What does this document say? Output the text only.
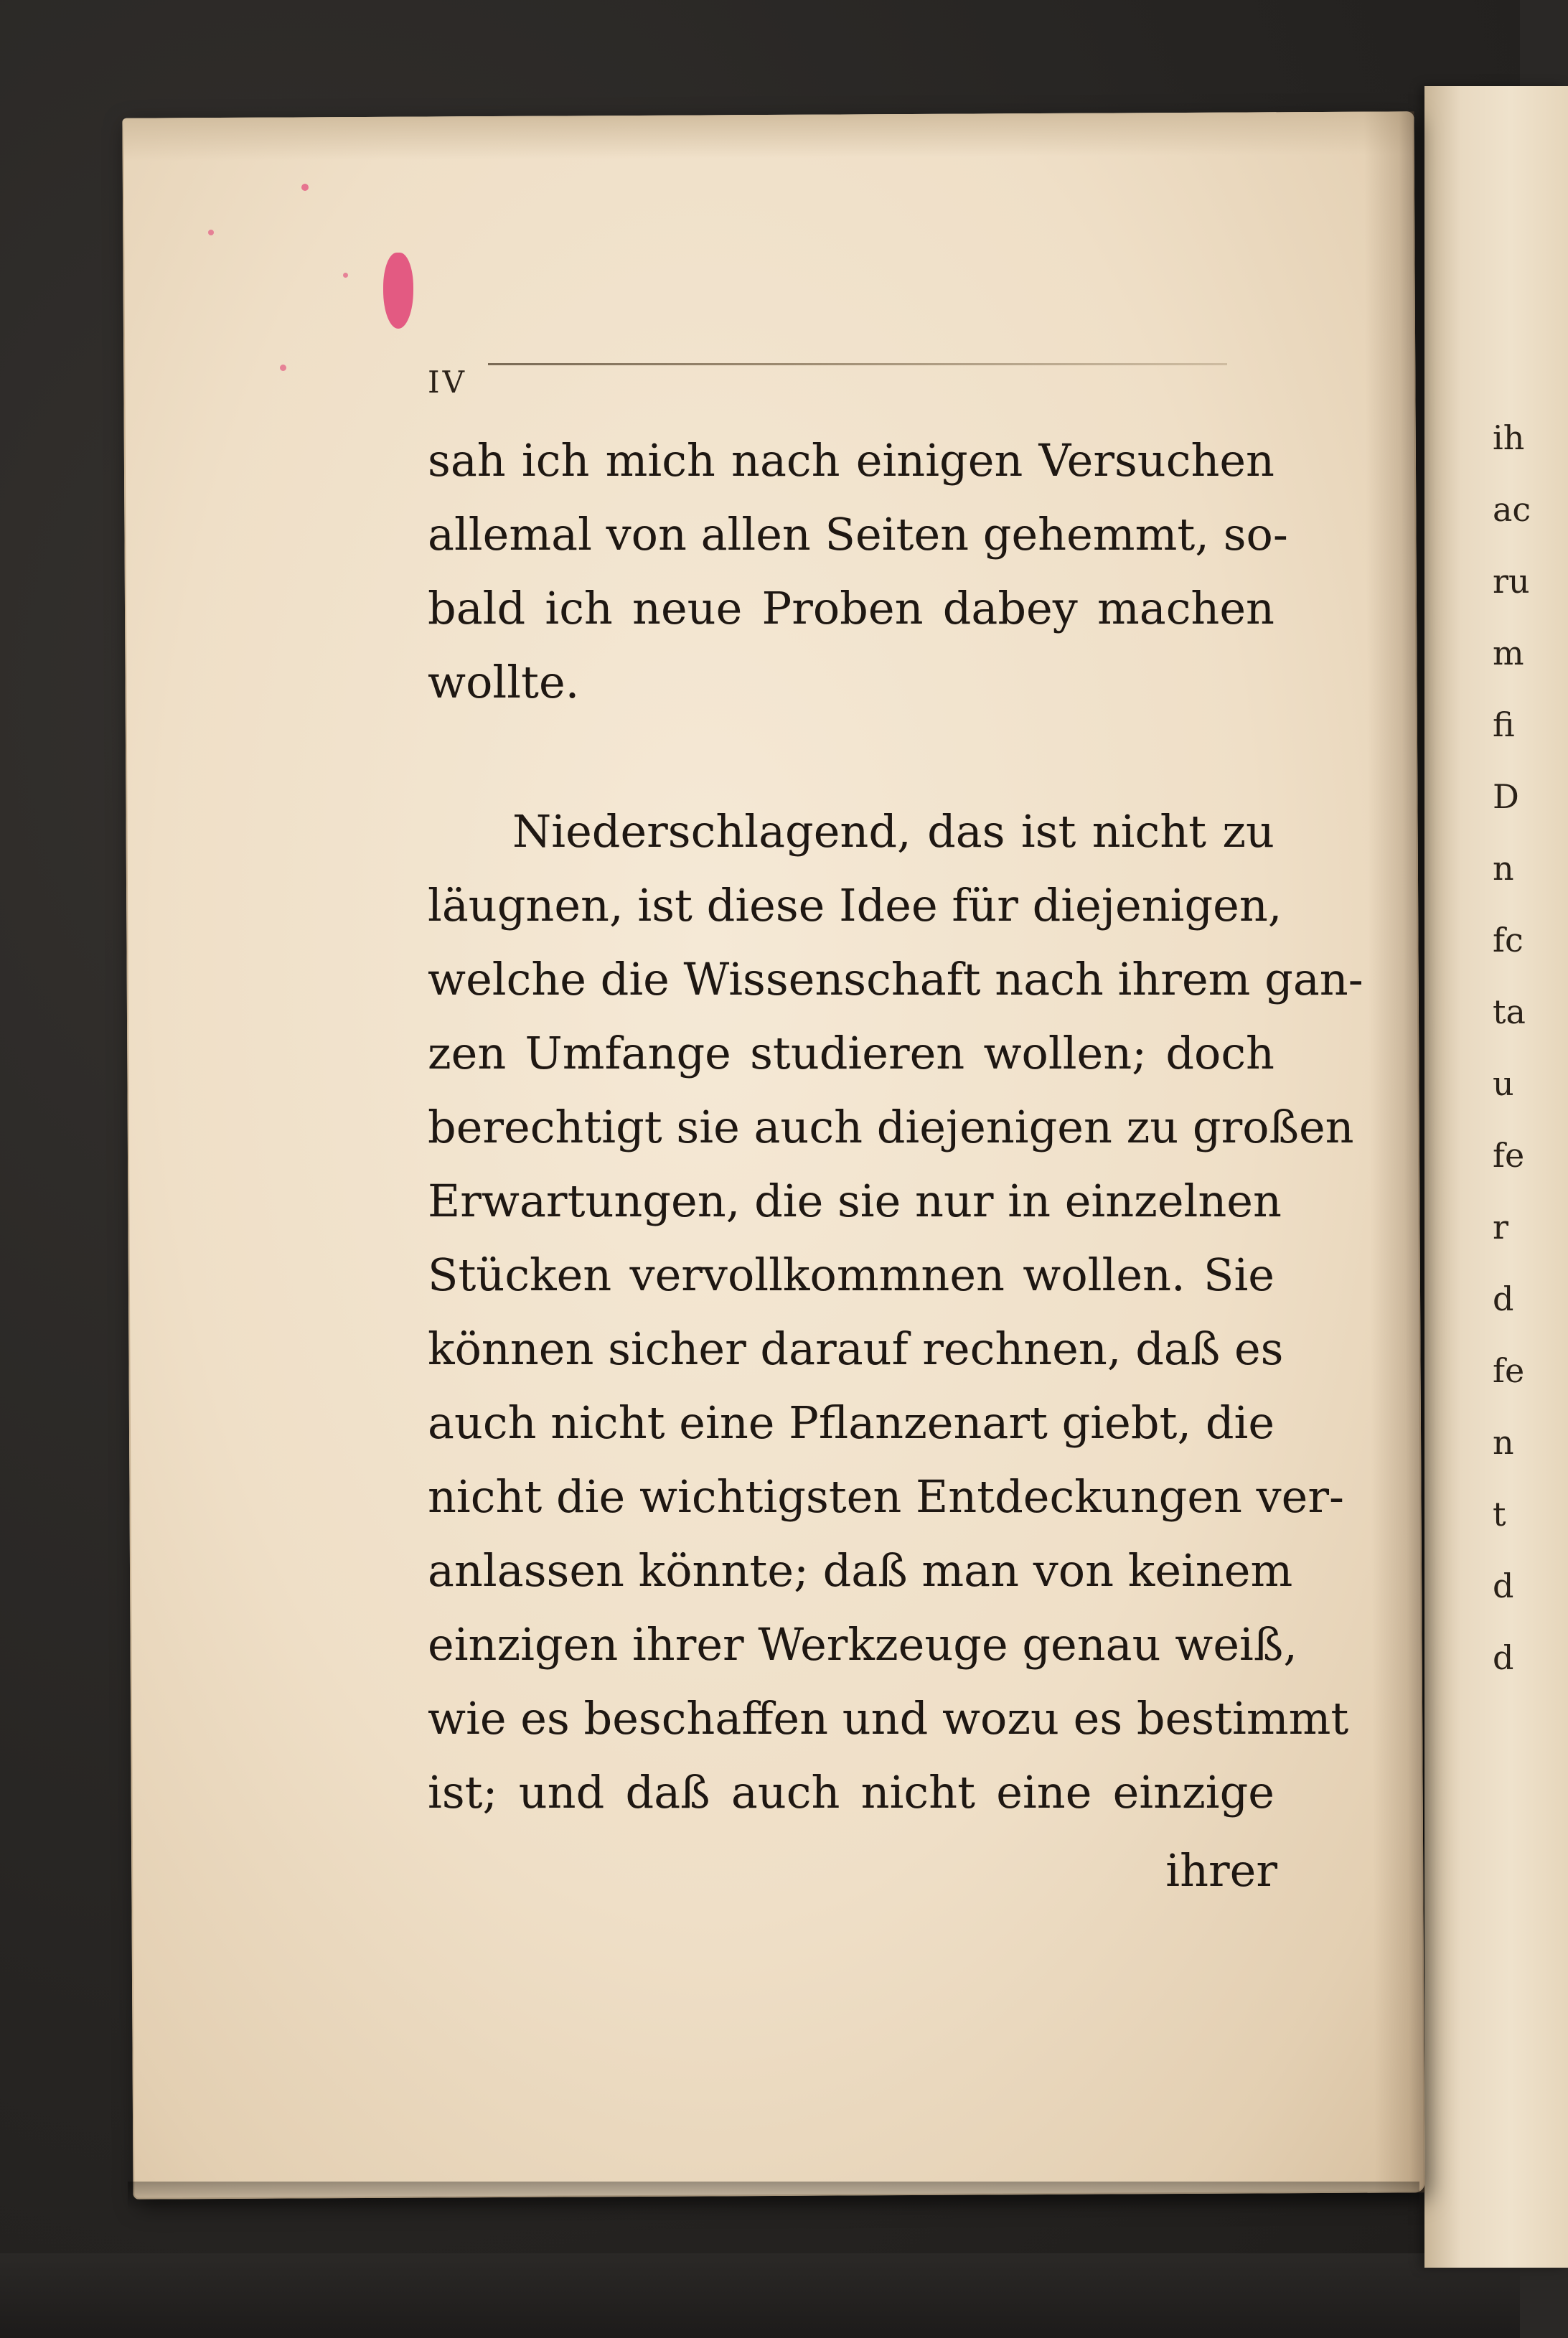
ih
ac
ru
m
fi
D
n
fc
ta
u
fe
r
d
fe
n
t
d
d
IV
sah ich mich nach einigen Versuchen
allemal von allen Seiten gehemmt, so-
bald ich neue Proben dabey machen
wollte.
Niederschlagend, das ist nicht zu
läugnen, ist diese Idee für diejenigen,
welche die Wissenschaft nach ihrem gan-
zen Umfange studieren wollen; doch
berechtigt sie auch diejenigen zu großen
Erwartungen, die sie nur in einzelnen
Stücken vervollkommnen wollen. Sie
können sicher darauf rechnen, daß es
auch nicht eine Pflanzenart giebt, die
nicht die wichtigsten Entdeckungen ver-
anlassen könnte; daß man von keinem
einzigen ihrer Werkzeuge genau weiß,
wie es beschaffen und wozu es bestimmt
ist; und daß auch nicht eine einzige
ihrer
